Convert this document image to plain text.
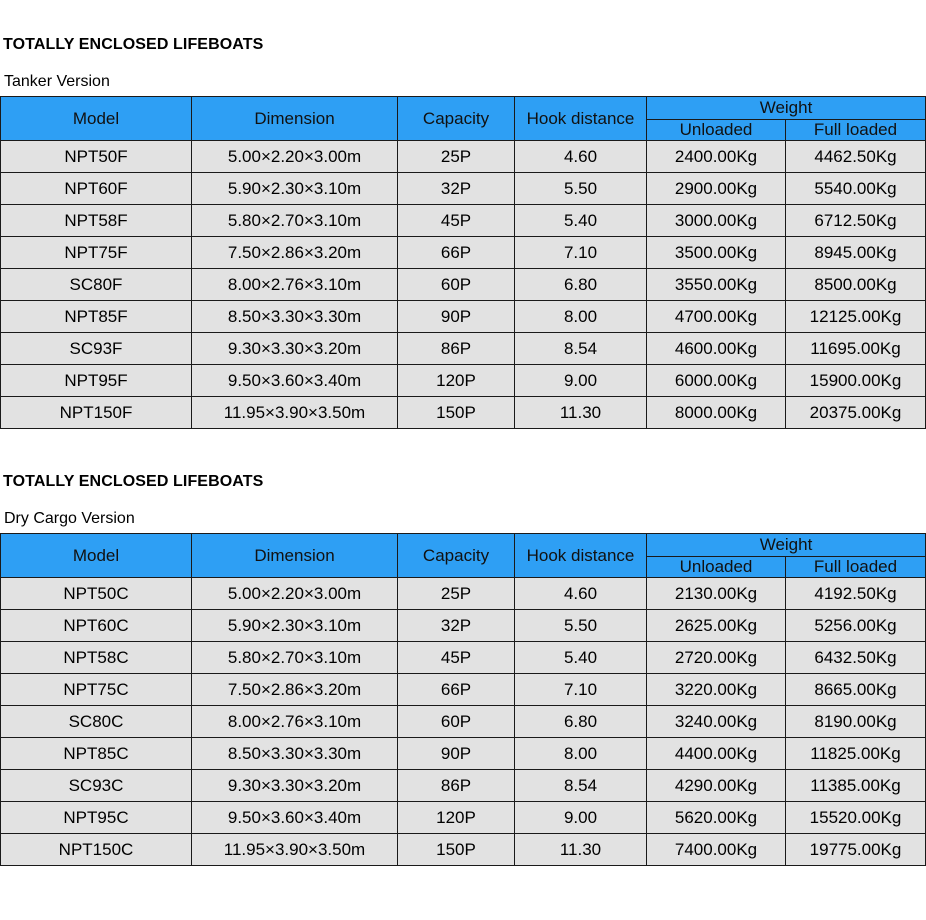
TOTALLY ENCLOSED LIFEBOATS
Tanker Version
Model	Dimension	Capacity	Hook distance	Weight	
				Unloaded	Full loaded
NPT50F	5.00×2.20×3.00m	25P	4.60	2400.00Kg	4462.50Kg
NPT60F	5.90×2.30×3.10m	32P	5.50	2900.00Kg	5540.00Kg
NPT58F	5.80×2.70×3.10m	45P	5.40	3000.00Kg	6712.50Kg
NPT75F	7.50×2.86×3.20m	66P	7.10	3500.00Kg	8945.00Kg
SC80F	8.00×2.76×3.10m	60P	6.80	3550.00Kg	8500.00Kg
NPT85F	8.50×3.30×3.30m	90P	8.00	4700.00Kg	12125.00Kg
SC93F	9.30×3.30×3.20m	86P	8.54	4600.00Kg	11695.00Kg
NPT95F	9.50×3.60×3.40m	120P	9.00	6000.00Kg	15900.00Kg
NPT150F	11.95×3.90×3.50m	150P	11.30	8000.00Kg	20375.00Kg
TOTALLY ENCLOSED LIFEBOATS
Dry Cargo Version
Model	Dimension	Capacity	Hook distance	Weight	
				Unloaded	Full loaded
NPT50C	5.00×2.20×3.00m	25P	4.60	2130.00Kg	4192.50Kg
NPT60C	5.90×2.30×3.10m	32P	5.50	2625.00Kg	5256.00Kg
NPT58C	5.80×2.70×3.10m	45P	5.40	2720.00Kg	6432.50Kg
NPT75C	7.50×2.86×3.20m	66P	7.10	3220.00Kg	8665.00Kg
SC80C	8.00×2.76×3.10m	60P	6.80	3240.00Kg	8190.00Kg
NPT85C	8.50×3.30×3.30m	90P	8.00	4400.00Kg	11825.00Kg
SC93C	9.30×3.30×3.20m	86P	8.54	4290.00Kg	11385.00Kg
NPT95C	9.50×3.60×3.40m	120P	9.00	5620.00Kg	15520.00Kg
NPT150C	11.95×3.90×3.50m	150P	11.30	7400.00Kg	19775.00Kg
